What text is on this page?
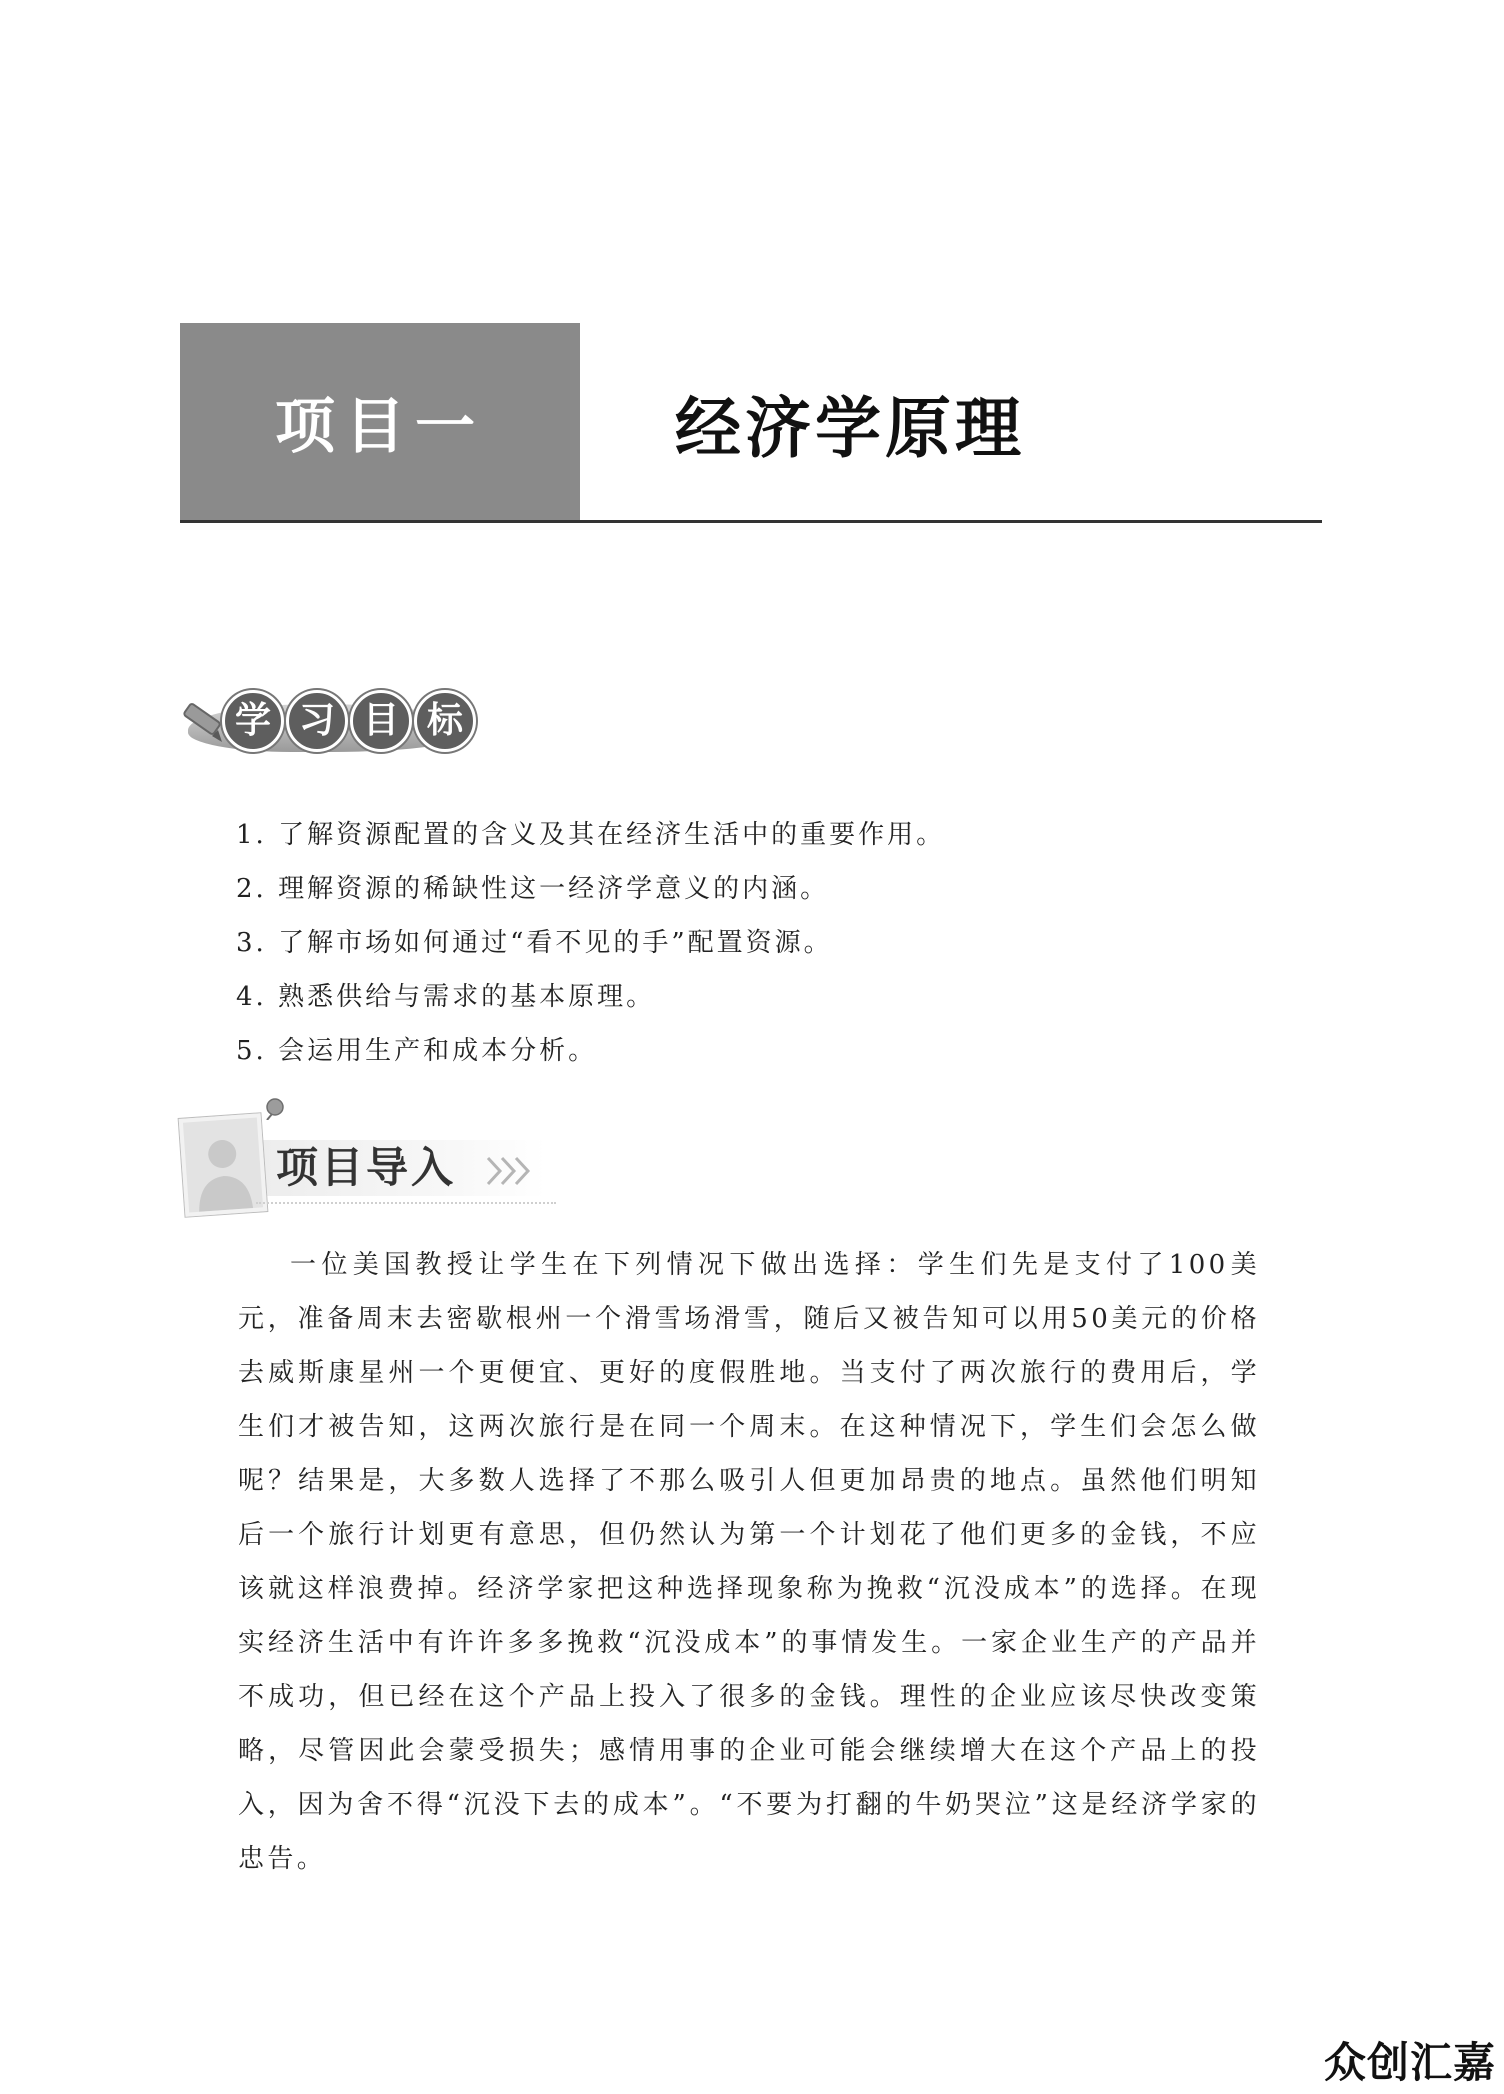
项目一	经济学原理
学 习 目 标
1. 了解资源配置的含义及其在经济生活中的重要作用。
2. 理解资源的稀缺性这一经济学意义的内涵。
3. 了解市场如何通过“看不见的手”配置资源。
4. 熟悉供给与需求的基本原理。
5. 会运用生产和成本分析。
项目导入

一位美国教授让学生在下列情况下做出选择：学生们先是支付了100美元，准备周末去密歇根州一个滑雪场滑雪，随后又被告知可以用50美元的价格去威斯康星州一个更便宜、更好的度假胜地。当支付了两次旅行的费用后，学生们才被告知，这两次旅行是在同一个周末。在这种情况下，学生们会怎么做呢？结果是，大多数人选择了不那么吸引人但更加昂贵的地点。虽然他们明知后一个旅行计划更有意思，但仍然认为第一个计划花了他们更多的金钱，不应该就这样浪费掉。经济学家把这种选择现象称为挽救“沉没成本”的选择。在现实经济生活中有许许多多挽救“沉没成本”的事情发生。一家企业生产的产品并不成功，但已经在这个产品上投入了很多的金钱。理性的企业应该尽快改变策略，尽管因此会蒙受损失；感情用事的企业可能会继续增大在这个产品上的投入，因为舍不得“沉没下去的成本”。“不要为打翻的牛奶哭泣”这是经济学家的忠告。

众创汇嘉
